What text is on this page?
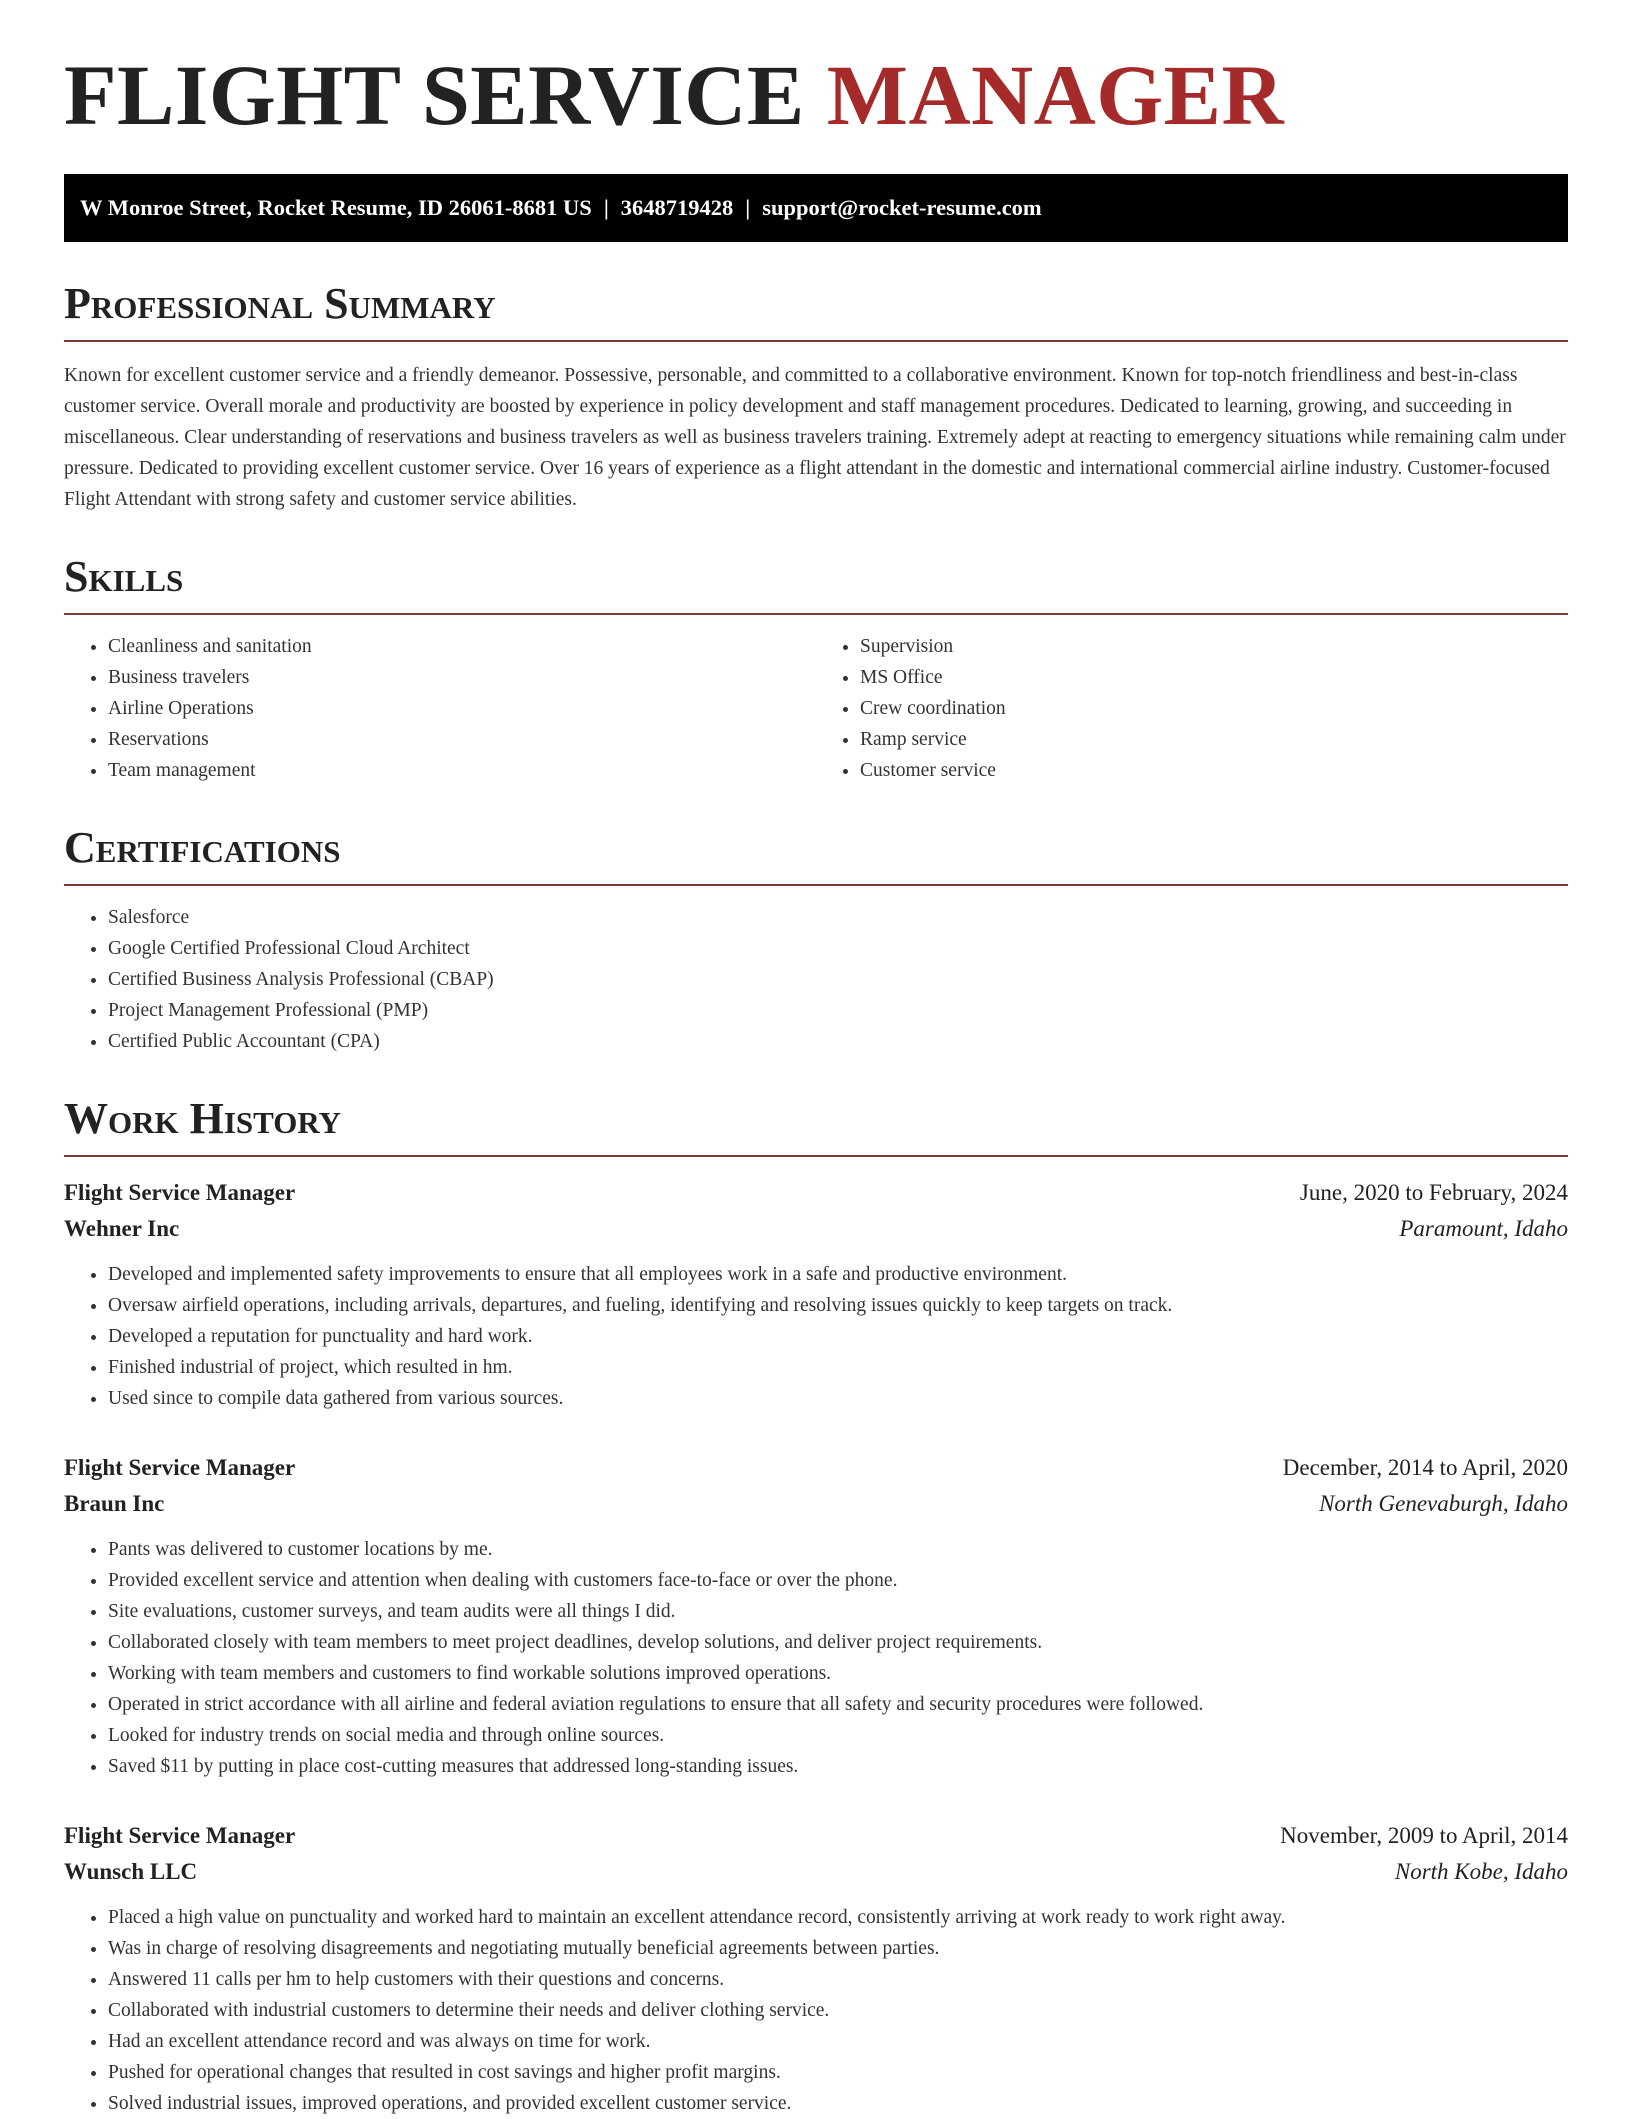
FLIGHT SERVICE MANAGER
W Monroe Street, Rocket Resume, ID 26061-8681 US | 3648719428 | support@rocket-resume.com
Professional Summary

Known for excellent customer service and a friendly demeanor. Possessive, personable, and committed to a collaborative environment. Known for top-notch friendliness and best-in-class customer service. Overall morale and productivity are boosted by experience in policy development and staff management procedures. Dedicated to learning, growing, and succeeding in miscellaneous. Clear understanding of reservations and business travelers as well as business travelers training. Extremely adept at reacting to emergency situations while remaining calm under pressure. Dedicated to providing excellent customer service. Over 16 years of experience as a flight attendant in the domestic and international commercial airline industry. Customer-focused Flight Attendant with strong safety and customer service abilities.

Skills
• Cleanliness and sanitation
• Business travelers
• Airline Operations
• Reservations
• Team management
• Supervision
• MS Office
• Crew coordination
• Ramp service
• Customer service
Certifications
• Salesforce
• Google Certified Professional Cloud Architect
• Certified Business Analysis Professional (CBAP)
• Project Management Professional (PMP)
• Certified Public Accountant (CPA)
Work History
Flight Service Manager	June, 2020 to February, 2024
Wehner Inc	Paramount, Idaho
• Developed and implemented safety improvements to ensure that all employees work in a safe and productive environment.
• Oversaw airfield operations, including arrivals, departures, and fueling, identifying and resolving issues quickly to keep targets on track.
• Developed a reputation for punctuality and hard work.
• Finished industrial of project, which resulted in hm.
• Used since to compile data gathered from various sources.
Flight Service Manager	December, 2014 to April, 2020
Braun Inc	North Genevaburgh, Idaho
• Pants was delivered to customer locations by me.
• Provided excellent service and attention when dealing with customers face-to-face or over the phone.
• Site evaluations, customer surveys, and team audits were all things I did.
• Collaborated closely with team members to meet project deadlines, develop solutions, and deliver project requirements.
• Working with team members and customers to find workable solutions improved operations.
• Operated in strict accordance with all airline and federal aviation regulations to ensure that all safety and security procedures were followed.
• Looked for industry trends on social media and through online sources.
• Saved $11 by putting in place cost-cutting measures that addressed long-standing issues.
Flight Service Manager	November, 2009 to April, 2014
Wunsch LLC	North Kobe, Idaho
• Placed a high value on punctuality and worked hard to maintain an excellent attendance record, consistently arriving at work ready to work right away.
• Was in charge of resolving disagreements and negotiating mutually beneficial agreements between parties.
• Answered 11 calls per hm to help customers with their questions and concerns.
• Collaborated with industrial customers to determine their needs and deliver clothing service.
• Had an excellent attendance record and was always on time for work.
• Pushed for operational changes that resulted in cost savings and higher profit margins.
• Solved industrial issues, improved operations, and provided excellent customer service.
